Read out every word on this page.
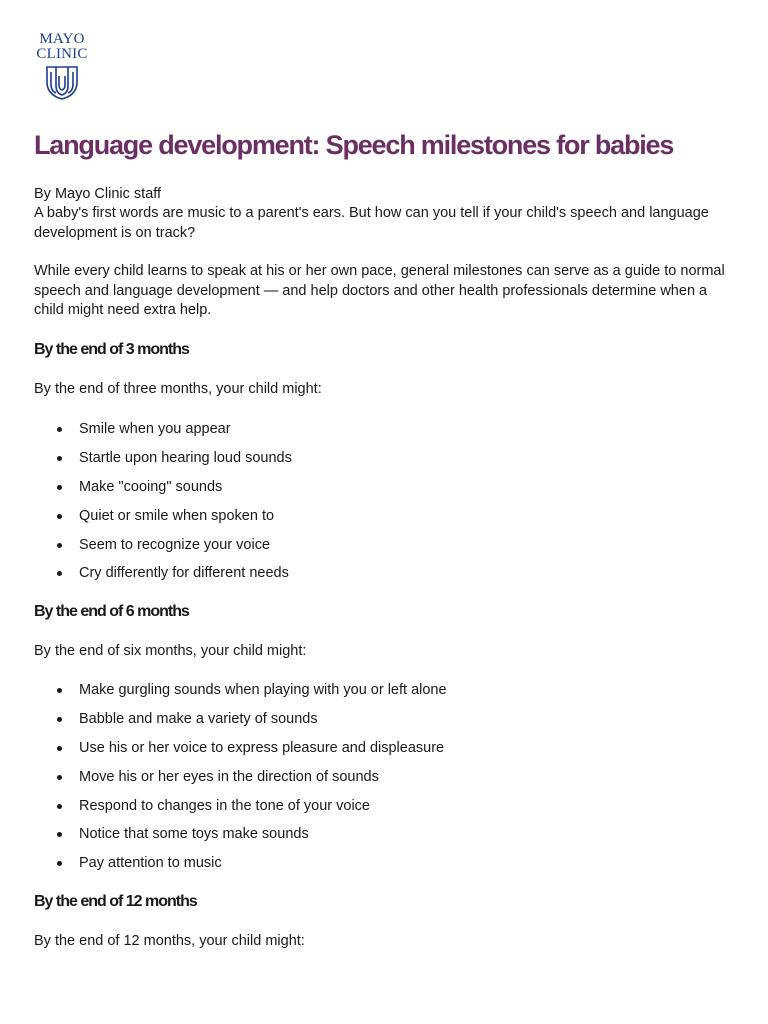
MAYO
CLINIC
Language development: Speech milestones for babies

By Mayo Clinic staff

A baby's first words are music to a parent's ears. But how can you tell if your child's speech and language development is on track?

While every child learns to speak at his or her own pace, general milestones can serve as a guide to normal speech and language development — and help doctors and other health professionals determine when a child might need extra help.

By the end of 3 months

By the end of three months, your child might:

Smile when you appear
Startle upon hearing loud sounds
Make "cooing" sounds
Quiet or smile when spoken to
Seem to recognize your voice
Cry differently for different needs
By the end of 6 months

By the end of six months, your child might:

Make gurgling sounds when playing with you or left alone
Babble and make a variety of sounds
Use his or her voice to express pleasure and displeasure
Move his or her eyes in the direction of sounds
Respond to changes in the tone of your voice
Notice that some toys make sounds
Pay attention to music
By the end of 12 months

By the end of 12 months, your child might:
